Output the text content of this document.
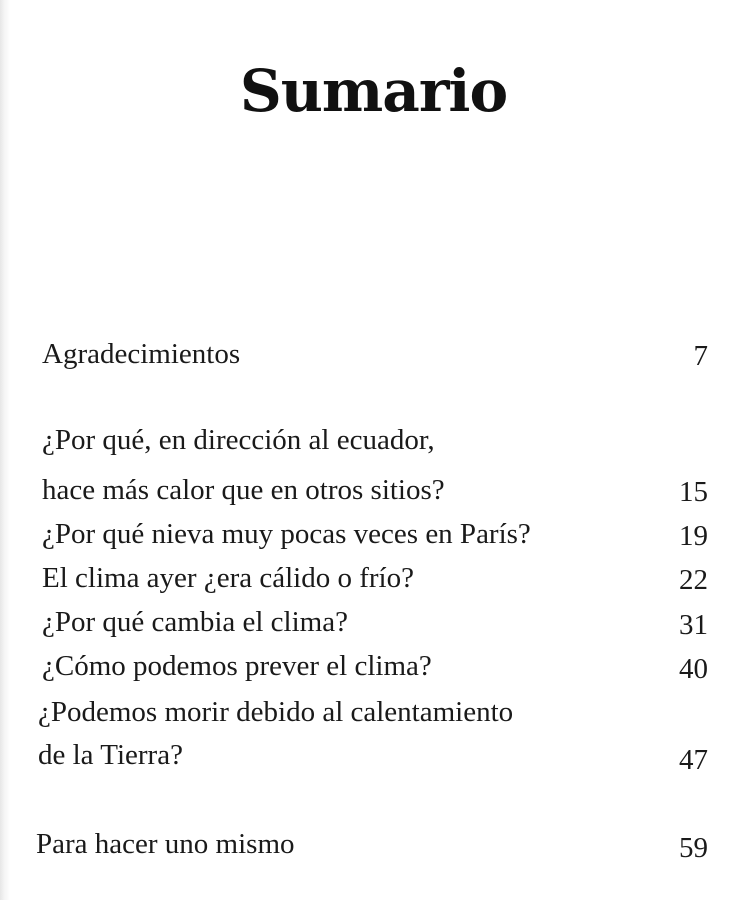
Sumario
Agradecimientos	7
¿Por qué, en dirección al ecuador,
hace más calor que en otros sitios?	15
¿Por qué nieva muy pocas veces en París?	19
El clima ayer ¿era cálido o frío?	22
¿Por qué cambia el clima?	31
¿Cómo podemos prever el clima?	40
¿Podemos morir debido al calentamiento
de la Tierra?	47
Para hacer uno mismo	59
